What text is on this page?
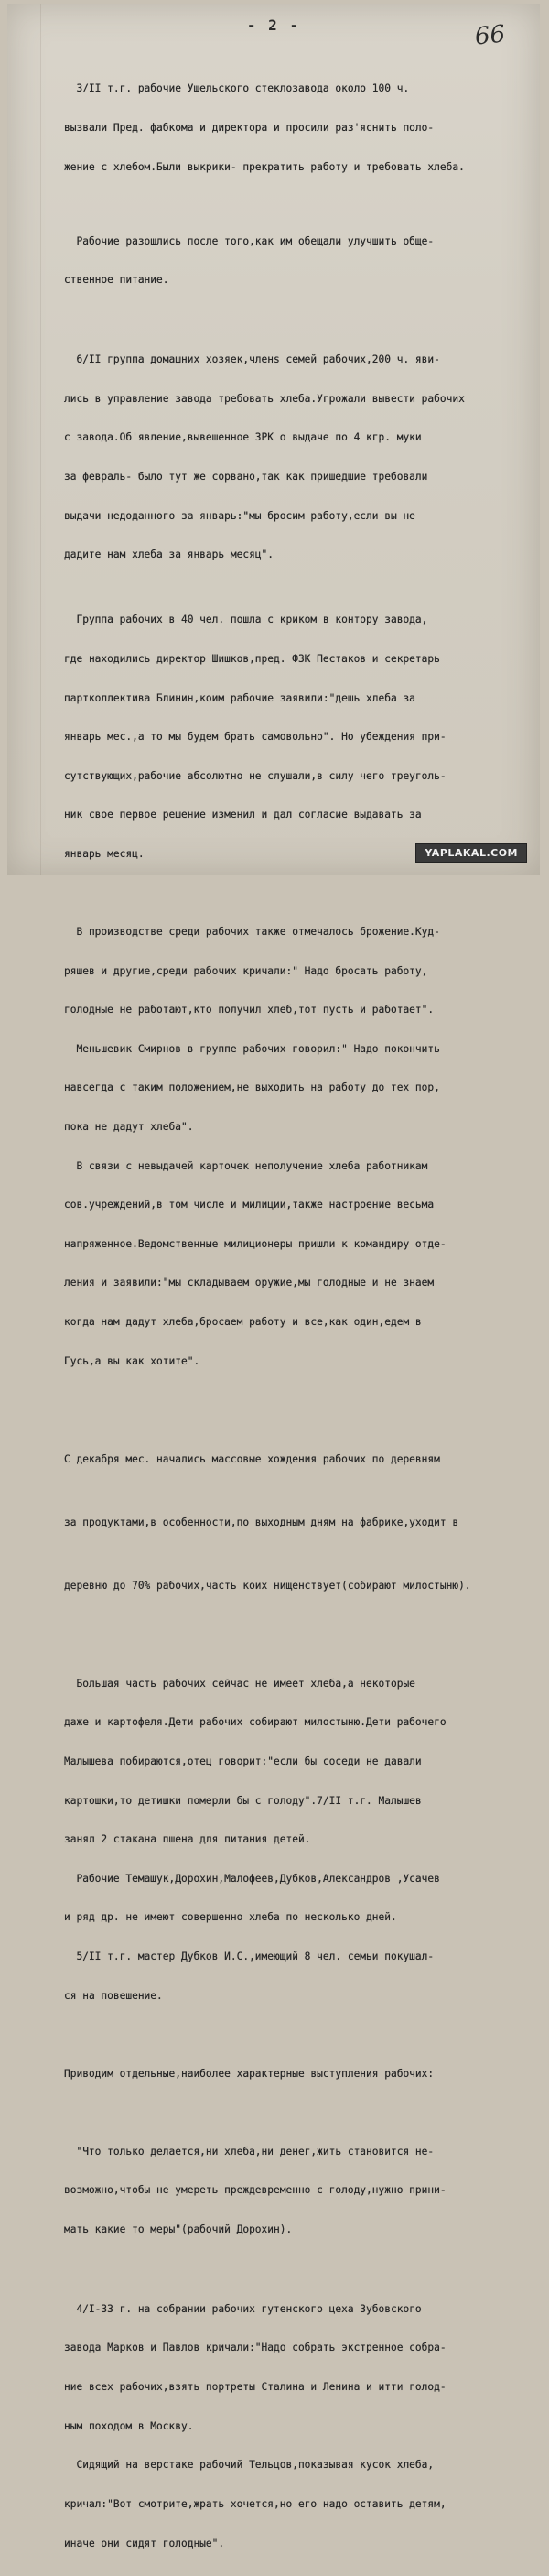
- 2 -	66

3/II т.г. рабочие Ушельского стеклозавода около 100 ч.

вызвали Пред. фабкома и директора и просили раз'яснить поло-

жение с хлебом.Были выкрики- прекратить работу и требовать хлеба.

Рабочие разошлись после того,как им обещали улучшить обще-

ственное питание.

6/II группа домашних хозяек,членs семей рабочих,200 ч. яви-

лись в управление завода требовать хлеба.Угрожали вывести рабочих

с завода.Об'явление,вывешенное ЗРК о выдаче по 4 кгр. муки

за февраль- было тут же сорвано,так как пришедшие требовали

выдачи недоданного за январь:"мы бросим работу,если вы не

дадите нам хлеба за январь месяц".

Группа рабочих в 40 чел. пошла с криком в контору завода,

где находились директор Шишков,пред. ФЗК Пестаков и секретарь

партколлектива Блинин,коим рабочие заявили:"дешь хлеба за

январь мес.,а то мы будем брать самовольно". Но убеждения при-

сутствующих,рабочие абсолютно не слушали,в силу чего треуголь-

ник свое первое решение изменил и дал согласие выдавать за

январь месяц.

В производстве среди рабочих также отмечалось брожение.Куд-

ряшев и другие,среди рабочих кричали:" Надо бросать работу,

голодные не работают,кто получил хлеб,тот пусть и работает".

Меньшевик Смирнов в группе рабочих говорил:" Надо покончить

навсегда с таким положением,не выходить на работу до тех пор,

пока не дадут хлеба".

В связи с невыдачей карточек неполучение хлеба работникам

сов.учреждений,в том числе и милиции,также настроение весьма

напряженное.Ведомственные милиционеры пришли к командиру отде-

ления и заявили:"мы складываем оружие,мы голодные и не знаем

когда нам дадут хлеба,бросаем работу и все,как один,едем в

Гусь,а вы как хотите".

С декабря мес. начались массовые хождения рабочих по деревням

за продуктами,в особенности,по выходным дням на фабрике,уходит в

деревню до 70% рабочих,часть коих нищенствует(собирают милостыню).

Большая часть рабочих сейчас не имеет хлеба,а некоторые

даже и картофеля.Дети рабочих собирают милостыню.Дети рабочего

Малышева побираются,отец говорит:"если бы соседи не давали

картошки,то детишки померли бы с голоду".7/II т.г. Малышев

занял 2 стакана пшена для питания детей.

Рабочие Темащук,Дорохин,Малофеев,Дубков,Александров ,Усачев

и ряд др. не имеют совершенно хлеба по несколько дней.

5/II т.г. мастер Дубков И.С.,имеющий 8 чел. семьи покушал-

ся на повешение.

Приводим отдельные,наиболее характерные выступления рабочих:

"Что только делается,ни хлеба,ни денег,жить становится не-

возможно,чтобы не умереть преждевременно с голоду,нужно прини-

мать какие то меры"(рабочий Дорохин).

4/I-33 г. на собрании рабочих гутенского цеха Зубовского

завода Марков и Павлов кричали:"Надо собрать экстренное собра-

ние всех рабочих,взять портреты Сталина и Ленина и итти голод-

ным походом в Москву.

Сидящий на верстаке рабочий Тельцов,показывая кусок хлеба,

кричал:"Вот смотрите,жрать хочется,но его надо оставить детям,

иначе они сидят голодные".

YAPLAKAL.COM
